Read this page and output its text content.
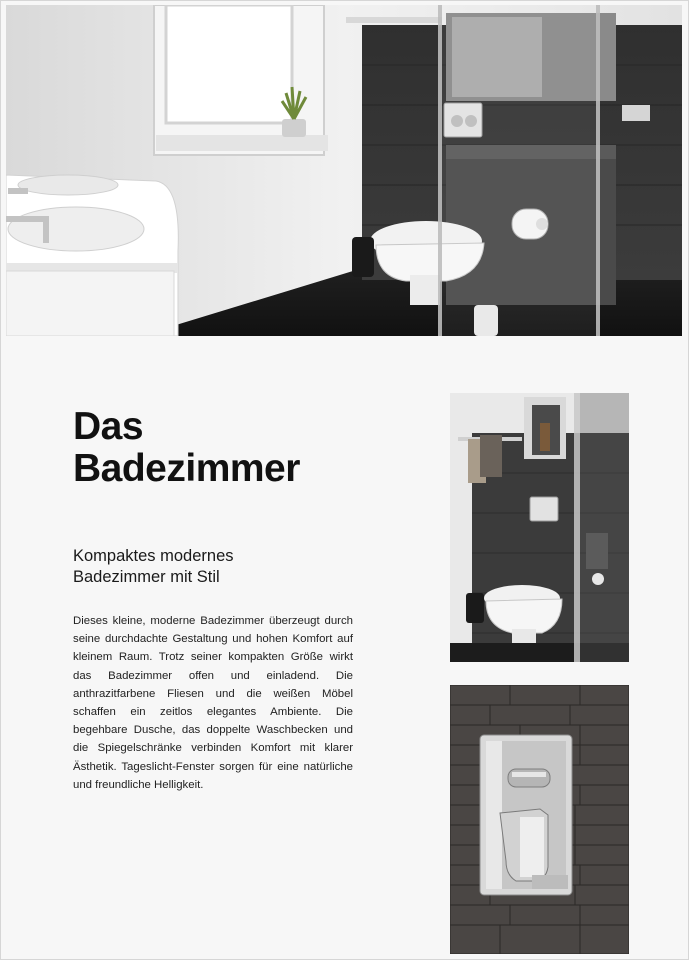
Das
Badezimmer
Kompaktes modernes
Badezimmer mit Stil

Dieses kleine, moderne Badezimmer überzeugt durch seine durchdachte Gestaltung und hohen Komfort auf kleinem Raum. Trotz seiner kompakten Größe wirkt das Badezimmer offen und einladend. Die anthrazitfarbene Fliesen und die weißen Möbel schaffen ein zeitlos elegantes Ambiente. Die begehbare Dusche, das doppelte Waschbecken und die Spiegelschränke verbinden Komfort mit klarer Ästhetik. Tageslicht-Fenster sorgen für eine natürliche und freundliche Helligkeit.
